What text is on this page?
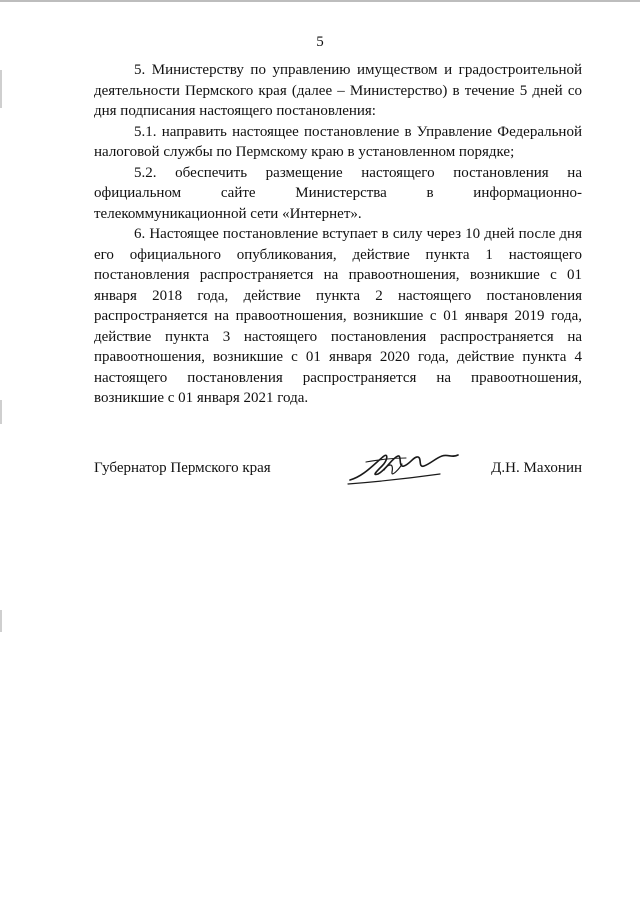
5

5. Министерству по управлению имуществом и градостроительной деятельности Пермского края (далее – Министерство) в течение 5 дней со дня подписания настоящего постановления:

5.1. направить настоящее постановление в Управление Федеральной налоговой службы по Пермскому краю в установленном порядке;

5.2. обеспечить размещение настоящего постановления на официальном сайте Министерства в информационно-телекоммуникационной сети «Интернет».

6. Настоящее постановление вступает в силу через 10 дней после дня его официального опубликования, действие пункта 1 настоящего постановления распространяется на правоотношения, возникшие с 01 января 2018 года, действие пункта 2 настоящего постановления распространяется на правоотношения, возникшие с 01 января 2019 года, действие пункта 3 настоящего постановления распространяется на правоотношения, возникшие с 01 января 2020 года, действие пункта 4 настоящего постановления распространяется на правоотношения, возникшие с 01 января 2021 года.

Губернатор Пермского края	Д.Н. Махонин
